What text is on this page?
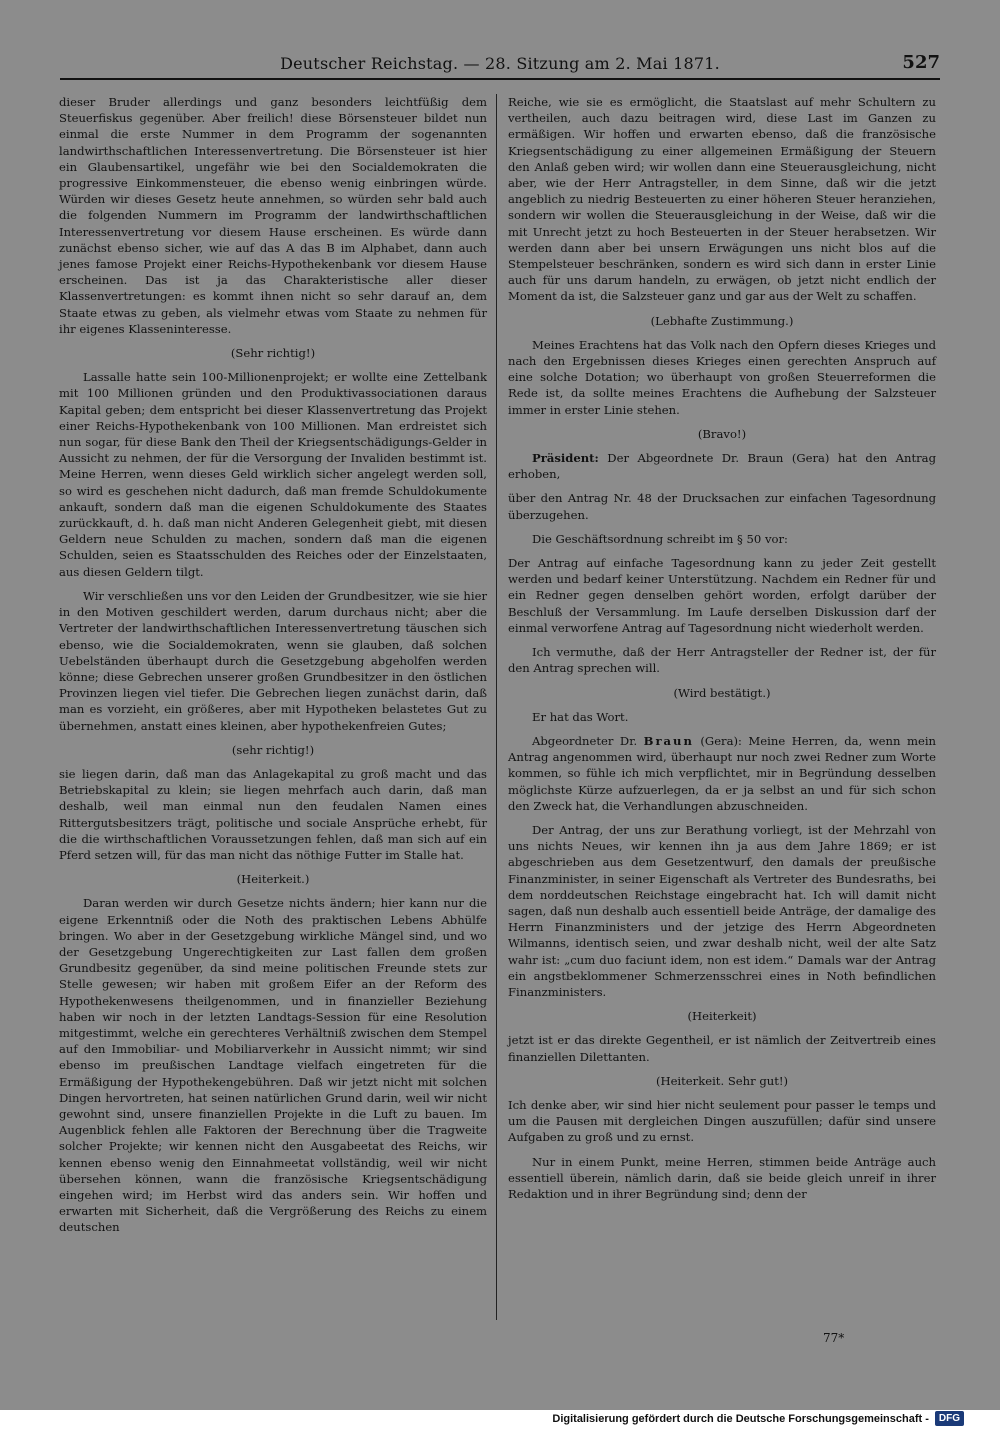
Deutscher Reichstag. — 28. Sitzung am 2. Mai 1871.	527

dieser Bruder allerdings und ganz besonders leichtfüßig dem Steuerfiskus gegenüber. Aber freilich! diese Börsensteuer bildet nun einmal die erste Nummer in dem Programm der sogenannten landwirthschaftlichen Interessenvertretung. Die Börsensteuer ist hier ein Glaubensartikel, ungefähr wie bei den Socialdemokraten die progressive Einkommensteuer, die ebenso wenig einbringen würde. Würden wir dieses Gesetz heute annehmen, so würden sehr bald auch die folgenden Nummern im Programm der landwirthschaftlichen Interessenvertretung vor diesem Hause erscheinen. Es würde dann zunächst ebenso sicher, wie auf das A das B im Alphabet, dann auch jenes famose Projekt einer Reichs-Hypothekenbank vor diesem Hause erscheinen. Das ist ja das Charakteristische aller dieser Klassenvertretungen: es kommt ihnen nicht so sehr darauf an, dem Staate etwas zu geben, als vielmehr etwas vom Staate zu nehmen für ihr eigenes Klasseninteresse.

(Sehr richtig!)

Lassalle hatte sein 100-Millionenprojekt; er wollte eine Zettelbank mit 100 Millionen gründen und den Produktivassociationen daraus Kapital geben; dem entspricht bei dieser Klassenvertretung das Projekt einer Reichs-Hypothekenbank von 100 Millionen. Man erdreistet sich nun sogar, für diese Bank den Theil der Kriegsentschädigungs-Gelder in Aussicht zu nehmen, der für die Versorgung der Invaliden bestimmt ist. Meine Herren, wenn dieses Geld wirklich sicher angelegt werden soll, so wird es geschehen nicht dadurch, daß man fremde Schuldokumente ankauft, sondern daß man die eigenen Schuldokumente des Staates zurückkauft, d. h. daß man nicht Anderen Gelegenheit giebt, mit diesen Geldern neue Schulden zu machen, sondern daß man die eigenen Schulden, seien es Staatsschulden des Reiches oder der Einzelstaaten, aus diesen Geldern tilgt.

Wir verschließen uns vor den Leiden der Grundbesitzer, wie sie hier in den Motiven geschildert werden, darum durchaus nicht; aber die Vertreter der landwirthschaftlichen Interessenvertretung täuschen sich ebenso, wie die Socialdemokraten, wenn sie glauben, daß solchen Uebelständen überhaupt durch die Gesetzgebung abgeholfen werden könne; diese Gebrechen unserer großen Grundbesitzer in den östlichen Provinzen liegen viel tiefer. Die Gebrechen liegen zunächst darin, daß man es vorzieht, ein größeres, aber mit Hypotheken belastetes Gut zu übernehmen, anstatt eines kleinen, aber hypothekenfreien Gutes;

(sehr richtig!)

sie liegen darin, daß man das Anlagekapital zu groß macht und das Betriebskapital zu klein; sie liegen mehrfach auch darin, daß man deshalb, weil man einmal nun den feudalen Namen eines Rittergutsbesitzers trägt, politische und sociale Ansprüche erhebt, für die die wirthschaftlichen Voraussetzungen fehlen, daß man sich auf ein Pferd setzen will, für das man nicht das nöthige Futter im Stalle hat.

(Heiterkeit.)

Daran werden wir durch Gesetze nichts ändern; hier kann nur die eigene Erkenntniß oder die Noth des praktischen Lebens Abhülfe bringen. Wo aber in der Gesetzgebung wirkliche Mängel sind, und wo der Gesetzgebung Ungerechtigkeiten zur Last fallen dem großen Grundbesitz gegenüber, da sind meine politischen Freunde stets zur Stelle gewesen; wir haben mit großem Eifer an der Reform des Hypothekenwesens theilgenommen, und in finanzieller Beziehung haben wir noch in der letzten Landtags-Session für eine Resolution mitgestimmt, welche ein gerechteres Verhältniß zwischen dem Stempel auf den Immobiliar- und Mobiliarverkehr in Aussicht nimmt; wir sind ebenso im preußischen Landtage vielfach eingetreten für die Ermäßigung der Hypothekengebühren. Daß wir jetzt nicht mit solchen Dingen hervortreten, hat seinen natürlichen Grund darin, weil wir nicht gewohnt sind, unsere finanziellen Projekte in die Luft zu bauen. Im Augenblick fehlen alle Faktoren der Berechnung über die Tragweite solcher Projekte; wir kennen nicht den Ausgabeetat des Reichs, wir kennen ebenso wenig den Einnahmeetat vollständig, weil wir nicht übersehen können, wann die französische Kriegsentschädigung eingehen wird; im Herbst wird das anders sein. Wir hoffen und erwarten mit Sicherheit, daß die Vergrößerung des Reichs zu einem deutschen

Reiche, wie sie es ermöglicht, die Staatslast auf mehr Schultern zu vertheilen, auch dazu beitragen wird, diese Last im Ganzen zu ermäßigen. Wir hoffen und erwarten ebenso, daß die französische Kriegsentschädigung zu einer allgemeinen Ermäßigung der Steuern den Anlaß geben wird; wir wollen dann eine Steuerausgleichung, nicht aber, wie der Herr Antragsteller, in dem Sinne, daß wir die jetzt angeblich zu niedrig Besteuerten zu einer höheren Steuer heranziehen, sondern wir wollen die Steuerausgleichung in der Weise, daß wir die mit Unrecht jetzt zu hoch Besteuerten in der Steuer herabsetzen. Wir werden dann aber bei unsern Erwägungen uns nicht blos auf die Stempelsteuer beschränken, sondern es wird sich dann in erster Linie auch für uns darum handeln, zu erwägen, ob jetzt nicht endlich der Moment da ist, die Salzsteuer ganz und gar aus der Welt zu schaffen.

(Lebhafte Zustimmung.)

Meines Erachtens hat das Volk nach den Opfern dieses Krieges und nach den Ergebnissen dieses Krieges einen gerechten Anspruch auf eine solche Dotation; wo überhaupt von großen Steuerreformen die Rede ist, da sollte meines Erachtens die Aufhebung der Salzsteuer immer in erster Linie stehen.

(Bravo!)

Präsident: Der Abgeordnete Dr. Braun (Gera) hat den Antrag erhoben,

über den Antrag Nr. 48 der Drucksachen zur einfachen Tagesordnung überzugehen.

Die Geschäftsordnung schreibt im § 50 vor:

Der Antrag auf einfache Tagesordnung kann zu jeder Zeit gestellt werden und bedarf keiner Unterstützung. Nachdem ein Redner für und ein Redner gegen denselben gehört worden, erfolgt darüber der Beschluß der Versammlung. Im Laufe derselben Diskussion darf der einmal verworfene Antrag auf Tagesordnung nicht wiederholt werden.

Ich vermuthe, daß der Herr Antragsteller der Redner ist, der für den Antrag sprechen will.

(Wird bestätigt.)

Er hat das Wort.

Abgeordneter Dr. Braun (Gera): Meine Herren, da, wenn mein Antrag angenommen wird, überhaupt nur noch zwei Redner zum Worte kommen, so fühle ich mich verpflichtet, mir in Begründung desselben möglichste Kürze aufzuerlegen, da er ja selbst an und für sich schon den Zweck hat, die Verhandlungen abzuschneiden.

Der Antrag, der uns zur Berathung vorliegt, ist der Mehrzahl von uns nichts Neues, wir kennen ihn ja aus dem Jahre 1869; er ist abgeschrieben aus dem Gesetzentwurf, den damals der preußische Finanzminister, in seiner Eigenschaft als Vertreter des Bundesraths, bei dem norddeutschen Reichstage eingebracht hat. Ich will damit nicht sagen, daß nun deshalb auch essentiell beide Anträge, der damalige des Herrn Finanzministers und der jetzige des Herrn Abgeordneten Wilmanns, identisch seien, und zwar deshalb nicht, weil der alte Satz wahr ist: „cum duo faciunt idem, non est idem.“ Damals war der Antrag ein angstbeklommener Schmerzensschrei eines in Noth befindlichen Finanzministers.

(Heiterkeit)

jetzt ist er das direkte Gegentheil, er ist nämlich der Zeitvertreib eines finanziellen Dilettanten.

(Heiterkeit. Sehr gut!)

Ich denke aber, wir sind hier nicht seulement pour passer le temps und um die Pausen mit dergleichen Dingen auszufüllen; dafür sind unsere Aufgaben zu groß und zu ernst.

Nur in einem Punkt, meine Herren, stimmen beide Anträge auch essentiell überein, nämlich darin, daß sie beide gleich unreif in ihrer Redaktion und in ihrer Begründung sind; denn der

77*
Digitalisierung gefördert durch die Deutsche Forschungsgemeinschaft -	DFG
